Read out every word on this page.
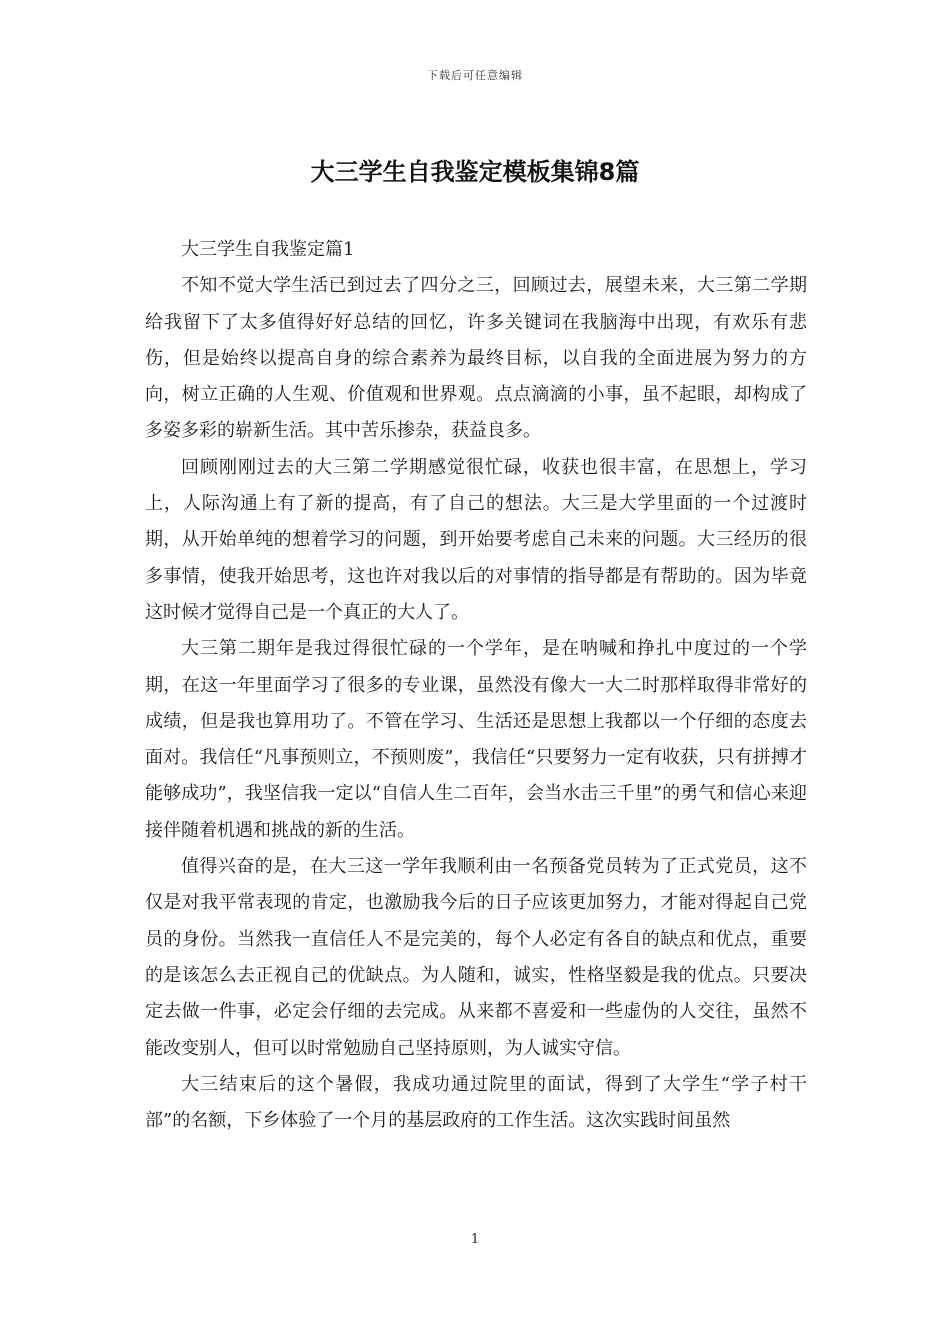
下载后可任意编辑
大三学生自我鉴定模板集锦8篇

大三学生自我鉴定篇1

不知不觉大学生活已到过去了四分之三，回顾过去，展望未来，大三第二学期给我留下了太多值得好好总结的回忆，许多关键词在我脑海中出现，有欢乐有悲伤，但是始终以提高自身的综合素养为最终目标，以自我的全面进展为努力的方向，树立正确的人生观、价值观和世界观。点点滴滴的小事，虽不起眼，却构成了多姿多彩的崭新生活。其中苦乐掺杂，获益良多。

回顾刚刚过去的大三第二学期感觉很忙碌，收获也很丰富，在思想上，学习上，人际沟通上有了新的提高，有了自己的想法。大三是大学里面的一个过渡时期，从开始单纯的想着学习的问题，到开始要考虑自己未来的问题。大三经历的很多事情，使我开始思考，这也许对我以后的对事情的指导都是有帮助的。因为毕竟这时候才觉得自己是一个真正的大人了。

大三第二期年是我过得很忙碌的一个学年，是在呐喊和挣扎中度过的一个学期，在这一年里面学习了很多的专业课，虽然没有像大一大二时那样取得非常好的成绩，但是我也算用功了。不管在学习、生活还是思想上我都以一个仔细的态度去面对。我信任“凡事预则立，不预则废”，我信任“只要努力一定有收获，只有拼搏才能够成功”，我坚信我一定以“自信人生二百年，会当水击三千里”的勇气和信心来迎接伴随着机遇和挑战的新的生活。

值得兴奋的是，在大三这一学年我顺利由一名预备党员转为了正式党员，这不仅是对我平常表现的肯定，也激励我今后的日子应该更加努力，才能对得起自己党员的身份。当然我一直信任人不是完美的，每个人必定有各自的缺点和优点，重要的是该怎么去正视自己的优缺点。为人随和，诚实，性格坚毅是我的优点。只要决定去做一件事，必定会仔细的去完成。从来都不喜爱和一些虚伪的人交往，虽然不能改变别人，但可以时常勉励自己坚持原则，为人诚实守信。

大三结束后的这个暑假，我成功通过院里的面试，得到了大学生“学子村干部”的名额，下乡体验了一个月的基层政府的工作生活。这次实践时间虽然

1
